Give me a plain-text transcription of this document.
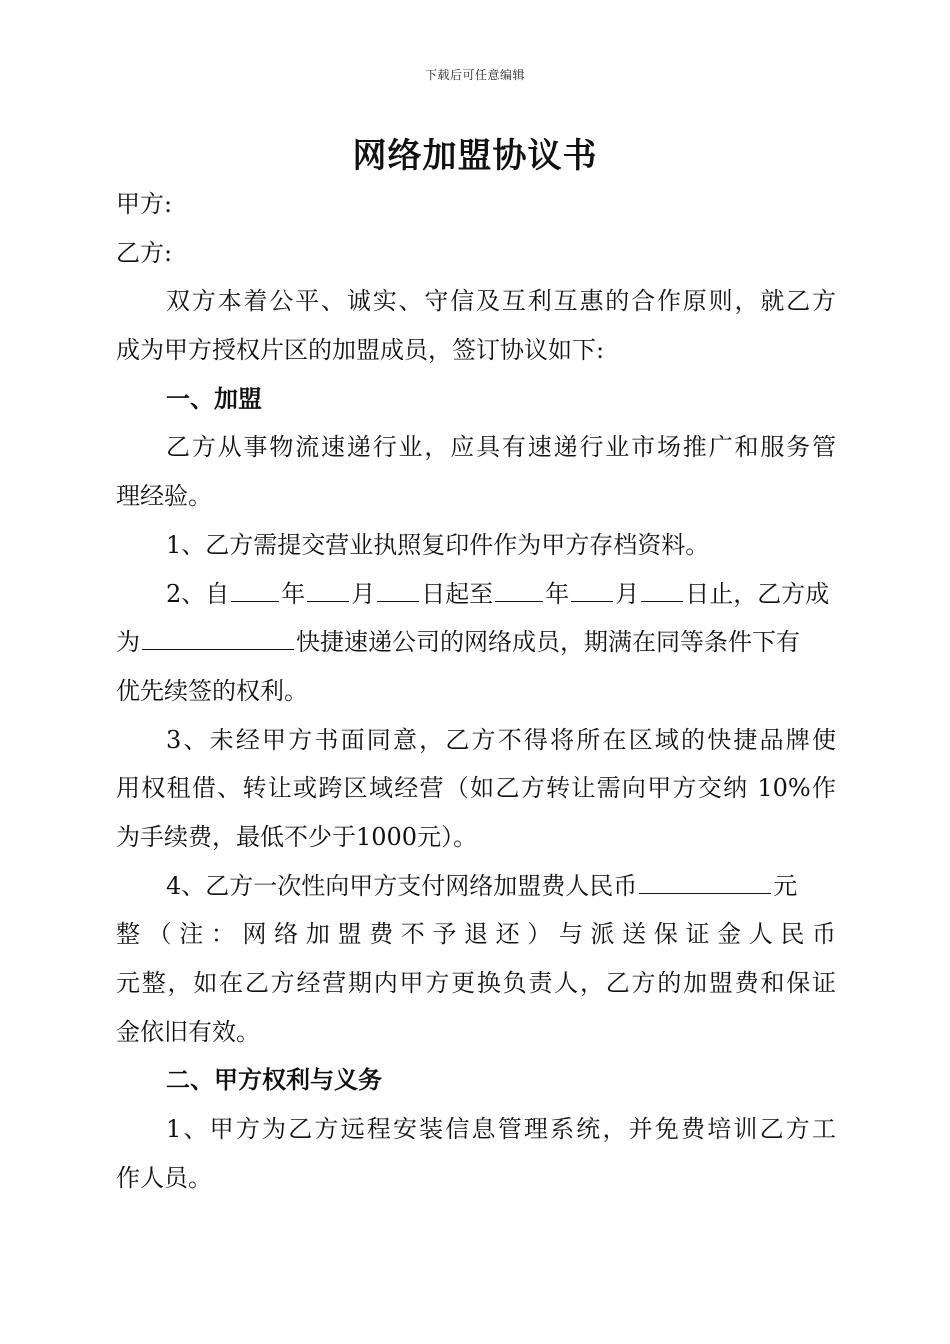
下载后可任意编辑
网络加盟协议书
甲方:
乙方:
双方本着公平、诚实、守信及互利互惠的合作原则，就乙方
成为甲方授权片区的加盟成员，签订协议如下:
一、加盟
乙方从事物流速递行业，应具有速递行业市场推广和服务管
理经验。
1、乙方需提交营业执照复印件作为甲方存档资料。
2、自 年 月 日起至 年 月 日止，乙方成
为	快捷速递公司的网络成员，期满在同等条件下有
优先续签的权利。
3、未经甲方书面同意，乙方不得将所在区域的快捷品牌使
用权租借、转让或跨区域经营（如乙方转让需向甲方交纳 10%作
为手续费，最低不少于1000元）。
4、乙方一次性向甲方支付网络加盟费人民币	元
整（注：网络加盟费不予退还）与派送保证金人民币
元整，如在乙方经营期内甲方更换负责人，乙方的加盟费和保证
金依旧有效。
二、甲方权利与义务
1、甲方为乙方远程安装信息管理系统，并免费培训乙方工
作人员。
